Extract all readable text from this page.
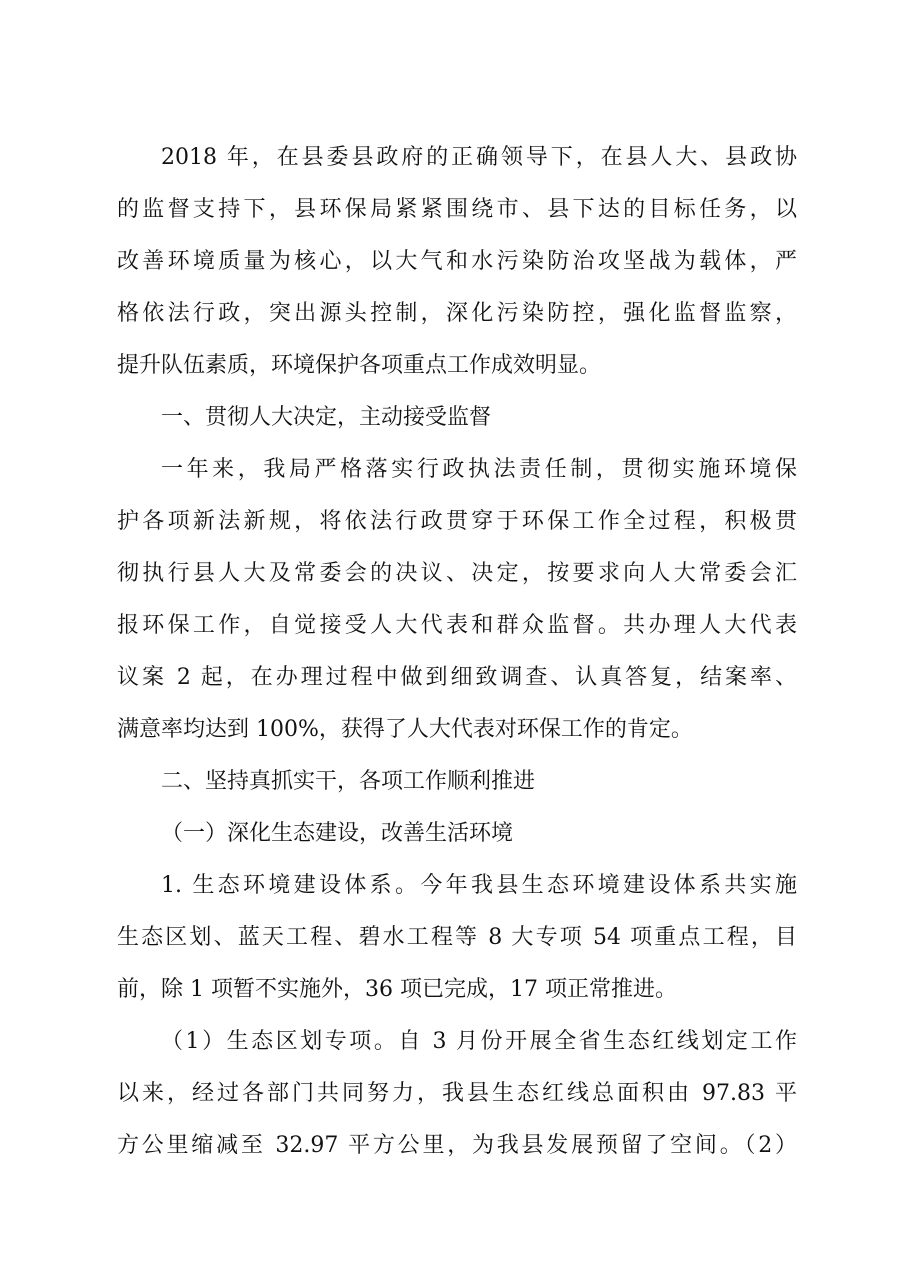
2018 年，在县委县政府的正确领导下，在县人大、县政协
的监督支持下，县环保局紧紧围绕市、县下达的目标任务，以
改善环境质量为核心，以大气和水污染防治攻坚战为载体，严
格依法行政，突出源头控制，深化污染防控，强化监督监察，
提升队伍素质，环境保护各项重点工作成效明显。
一、贯彻人大决定，主动接受监督
一年来，我局严格落实行政执法责任制，贯彻实施环境保
护各项新法新规，将依法行政贯穿于环保工作全过程，积极贯
彻执行县人大及常委会的决议、决定，按要求向人大常委会汇
报环保工作，自觉接受人大代表和群众监督。共办理人大代表
议案 2 起，在办理过程中做到细致调查、认真答复，结案率、
满意率均达到 100%，获得了人大代表对环保工作的肯定。
二、坚持真抓实干，各项工作顺利推进
（一）深化生态建设，改善生活环境
1. 生态环境建设体系。今年我县生态环境建设体系共实施
生态区划、蓝天工程、碧水工程等 8 大专项 54 项重点工程，目
前，除 1 项暂不实施外，36 项已完成，17 项正常推进。
（1）生态区划专项。自 3 月份开展全省生态红线划定工作
以来，经过各部门共同努力，我县生态红线总面积由 97.83 平
方公里缩减至 32.97 平方公里，为我县发展预留了空间。（2）
